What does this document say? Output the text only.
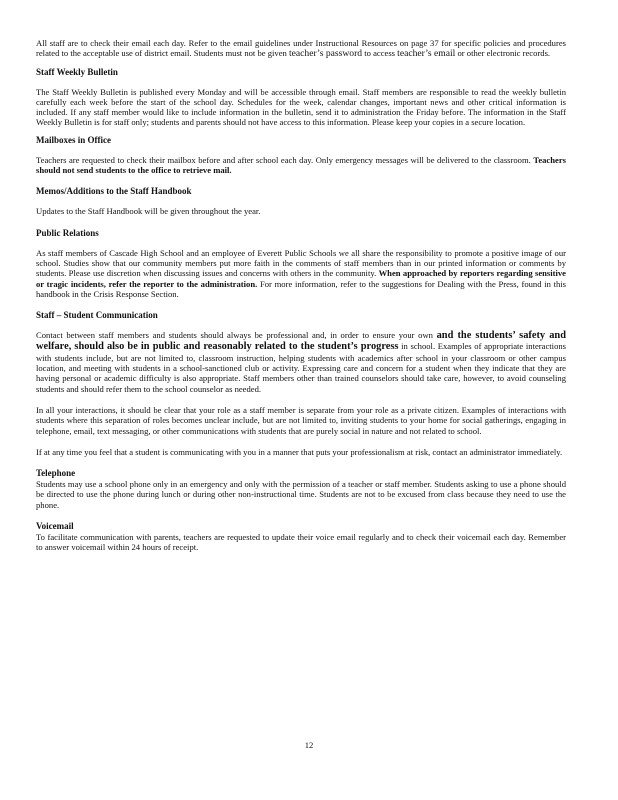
All staff are to check their email each day. Refer to the email guidelines under Instructional Resources on page 37 for specific policies and procedures related to the acceptable use of district email. Students must not be given teacher’s password to access teacher’s email or other electronic records.

Staff Weekly Bulletin

The Staff Weekly Bulletin is published every Monday and will be accessible through email. Staff members are responsible to read the weekly bulletin carefully each week before the start of the school day. Schedules for the week, calendar changes, important news and other critical information is included. If any staff member would like to include information in the bulletin, send it to administration the Friday before. The information in the Staff Weekly Bulletin is for staff only; students and parents should not have access to this information. Please keep your copies in a secure location.

Mailboxes in Office

Teachers are requested to check their mailbox before and after school each day. Only emergency messages will be delivered to the classroom. Teachers should not send students to the office to retrieve mail.

Memos/Additions to the Staff Handbook

Updates to the Staff Handbook will be given throughout the year.

Public Relations

As staff members of Cascade High School and an employee of Everett Public Schools we all share the responsibility to promote a positive image of our school. Studies show that our community members put more faith in the comments of staff members than in our printed information or comments by students. Please use discretion when discussing issues and concerns with others in the community. When approached by reporters regarding sensitive or tragic incidents, refer the reporter to the administration. For more information, refer to the suggestions for Dealing with the Press, found in this handbook in the Crisis Response Section.

Staff – Student Communication

Contact between staff members and students should always be professional and, in order to ensure your own and the students’ safety and welfare, should also be in public and reasonably related to the student’s progress in school. Examples of appropriate interactions with students include, but are not limited to, classroom instruction, helping students with academics after school in your classroom or other campus location, and meeting with students in a school-sanctioned club or activity. Expressing care and concern for a student when they indicate that they are having personal or academic difficulty is also appropriate. Staff members other than trained counselors should take care, however, to avoid counseling students and should refer them to the school counselor as needed.

In all your interactions, it should be clear that your role as a staff member is separate from your role as a private citizen. Examples of interactions with students where this separation of roles becomes unclear include, but are not limited to, inviting students to your home for social gatherings, engaging in telephone, email, text messaging, or other communications with students that are purely social in nature and not related to school.

If at any time you feel that a student is communicating with you in a manner that puts your professionalism at risk, contact an administrator immediately.

Telephone

Students may use a school phone only in an emergency and only with the permission of a teacher or staff member. Students asking to use a phone should be directed to use the phone during lunch or during other non-instructional time. Students are not to be excused from class because they need to use the phone.

Voicemail

To facilitate communication with parents, teachers are requested to update their voice email regularly and to check their voicemail each day. Remember to answer voicemail within 24 hours of receipt.

12
